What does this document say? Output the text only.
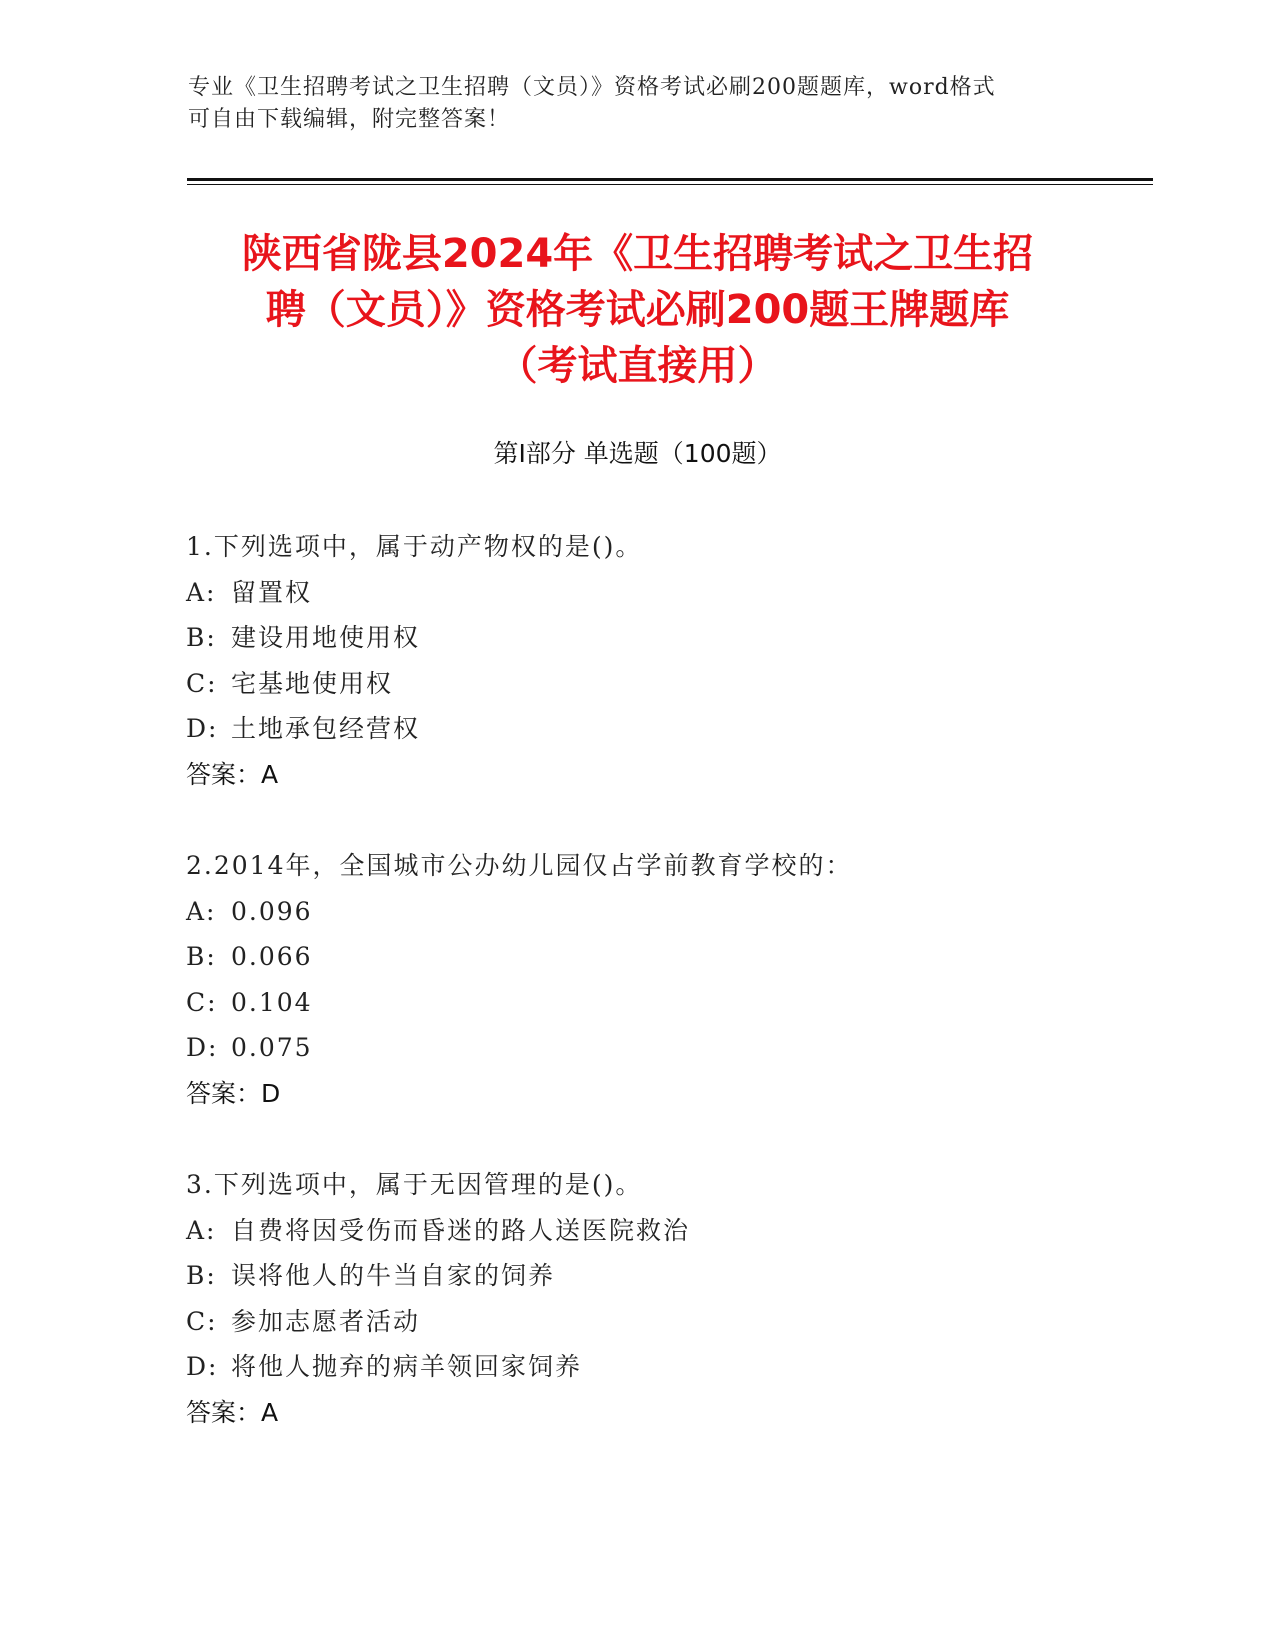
专业《卫生招聘考试之卫生招聘（文员）》资格考试必刷200题题库，word格式
可自由下载编辑，附完整答案！
陕西省陇县2024年《卫生招聘考试之卫生招
聘（文员）》资格考试必刷200题王牌题库
（考试直接用）
第I部分 单选题（100题）
1.下列选项中，属于动产物权的是()。
A: 留置权
B: 建设用地使用权
C: 宅基地使用权
D: 土地承包经营权
答案：A
2.2014年，全国城市公办幼儿园仅占学前教育学校的：
A: 0.096
B: 0.066
C: 0.104
D: 0.075
答案：D
3.下列选项中，属于无因管理的是()。
A: 自费将因受伤而昏迷的路人送医院救治
B: 误将他人的牛当自家的饲养
C: 参加志愿者活动
D: 将他人抛弃的病羊领回家饲养
答案：A
